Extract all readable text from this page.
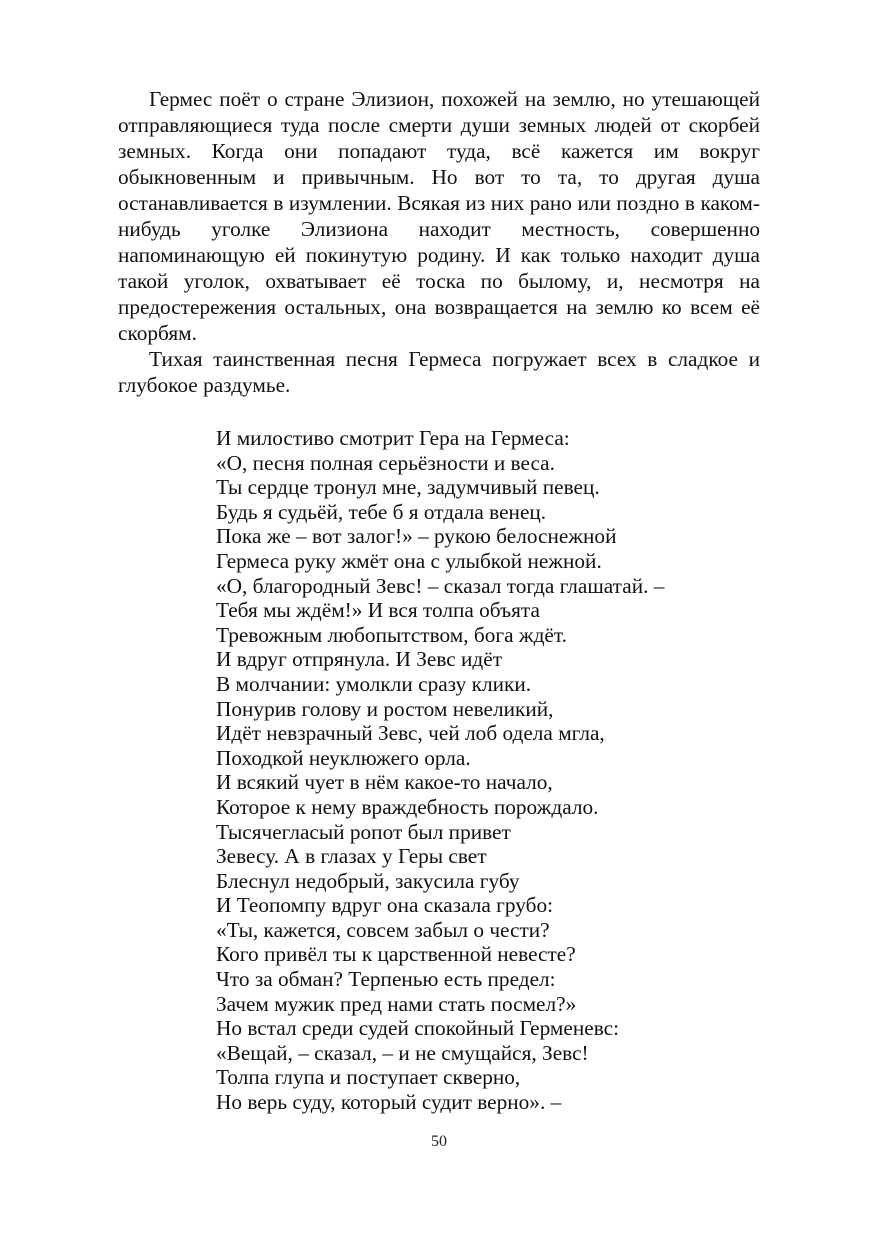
Гермес поёт о стране Элизион, похожей на землю, но утешающей отправляющиеся туда после смерти души земных людей от скорбей земных. Когда они попадают туда, всё кажется им вокруг обыкновенным и привычным. Но вот то та, то другая душа останавливается в изумлении. Всякая из них рано или поздно в каком-нибудь уголке Элизиона находит местность, совершенно напоминающую ей покинутую родину. И как только находит душа такой уголок, охватывает её тоска по былому, и, несмотря на предостережения остальных, она возвращается на землю ко всем её скорбям.

Тихая таинственная песня Гермеса погружает всех в сладкое и глубокое раздумье.

И милостиво смотрит Гера на Гермеса:
«О, песня полная серьёзности и веса.
Ты сердце тронул мне, задумчивый певец.
Будь я судьёй, тебе б я отдала венец.
Пока же – вот залог!» – рукою белоснежной
Гермеса руку жмёт она с улыбкой нежной.
«О, благородный Зевс! – сказал тогда глашатай. –
Тебя мы ждём!» И вся толпа объята
Тревожным любопытством, бога ждёт.
И вдруг отпрянула. И Зевс идёт
В молчании: умолкли сразу клики.
Понурив голову и ростом невеликий,
Идёт невзрачный Зевс, чей лоб одела мгла,
Походкой неуклюжего орла.
И всякий чует в нём какое-то начало,
Которое к нему враждебность порождало.
Тысячегласый ропот был привет
Зевесу. А в глазах у Геры свет
Блеснул недобрый, закусила губу
И Теопомпу вдруг она сказала грубо:
«Ты, кажется, совсем забыл о чести?
Кого привёл ты к царственной невесте?
Что за обман? Терпенью есть предел:
Зачем мужик пред нами стать посмел?»
Но встал среди судей спокойный Герменевс:
«Вещай, – сказал, – и не смущайся, Зевс!
Толпа глупа и поступает скверно,
Но верь суду, который судит верно». –
50
